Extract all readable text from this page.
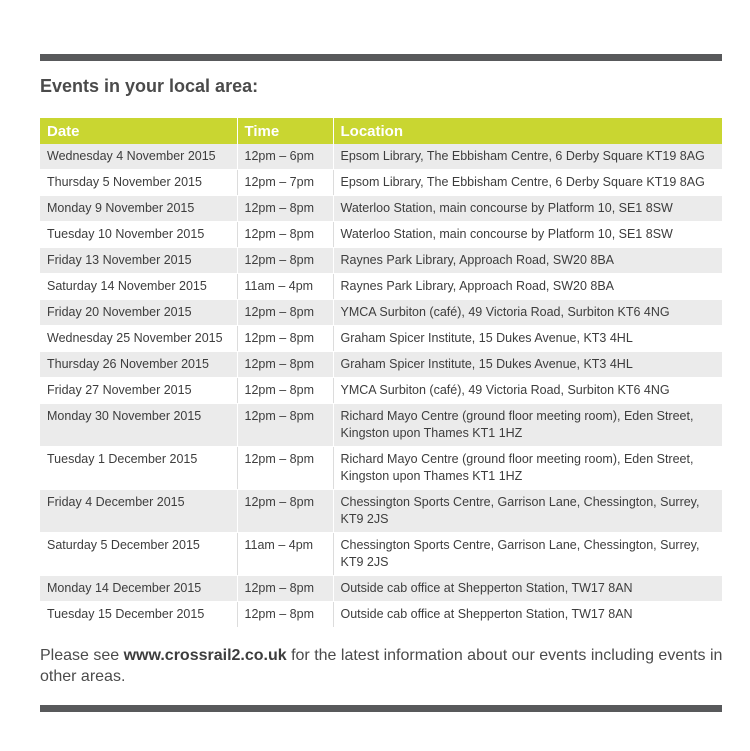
Events in your local area:
Date	Time	Location
Wednesday 4 November 2015	12pm – 6pm	Epsom Library, The Ebbisham Centre, 6 Derby Square KT19 8AG
Thursday 5 November 2015	12pm – 7pm	Epsom Library, The Ebbisham Centre, 6 Derby Square KT19 8AG
Monday 9 November 2015	12pm – 8pm	Waterloo Station, main concourse by Platform 10, SE1 8SW
Tuesday 10 November 2015	12pm – 8pm	Waterloo Station, main concourse by Platform 10, SE1 8SW
Friday 13 November 2015	12pm – 8pm	Raynes Park Library, Approach Road, SW20 8BA
Saturday 14 November 2015	11am – 4pm	Raynes Park Library, Approach Road, SW20 8BA
Friday 20 November 2015	12pm – 8pm	YMCA Surbiton (café), 49 Victoria Road, Surbiton KT6 4NG
Wednesday 25 November 2015	12pm – 8pm	Graham Spicer Institute, 15 Dukes Avenue, KT3 4HL
Thursday 26 November 2015	12pm – 8pm	Graham Spicer Institute, 15 Dukes Avenue, KT3 4HL
Friday 27 November 2015	12pm – 8pm	YMCA Surbiton (café), 49 Victoria Road, Surbiton KT6 4NG
Monday 30 November 2015	12pm – 8pm	Richard Mayo Centre (ground floor meeting room), Eden Street, Kingston upon Thames KT1 1HZ
Tuesday 1 December 2015	12pm – 8pm	Richard Mayo Centre (ground floor meeting room), Eden Street, Kingston upon Thames KT1 1HZ
Friday 4 December 2015	12pm – 8pm	Chessington Sports Centre, Garrison Lane, Chessington, Surrey, KT9 2JS
Saturday 5 December 2015	11am – 4pm	Chessington Sports Centre, Garrison Lane, Chessington, Surrey, KT9 2JS
Monday 14 December 2015	12pm – 8pm	Outside cab office at Shepperton Station, TW17 8AN
Tuesday 15 December 2015	12pm – 8pm	Outside cab office at Shepperton Station, TW17 8AN
Please see www.crossrail2.co.uk for the latest information about our events including events in other areas.
